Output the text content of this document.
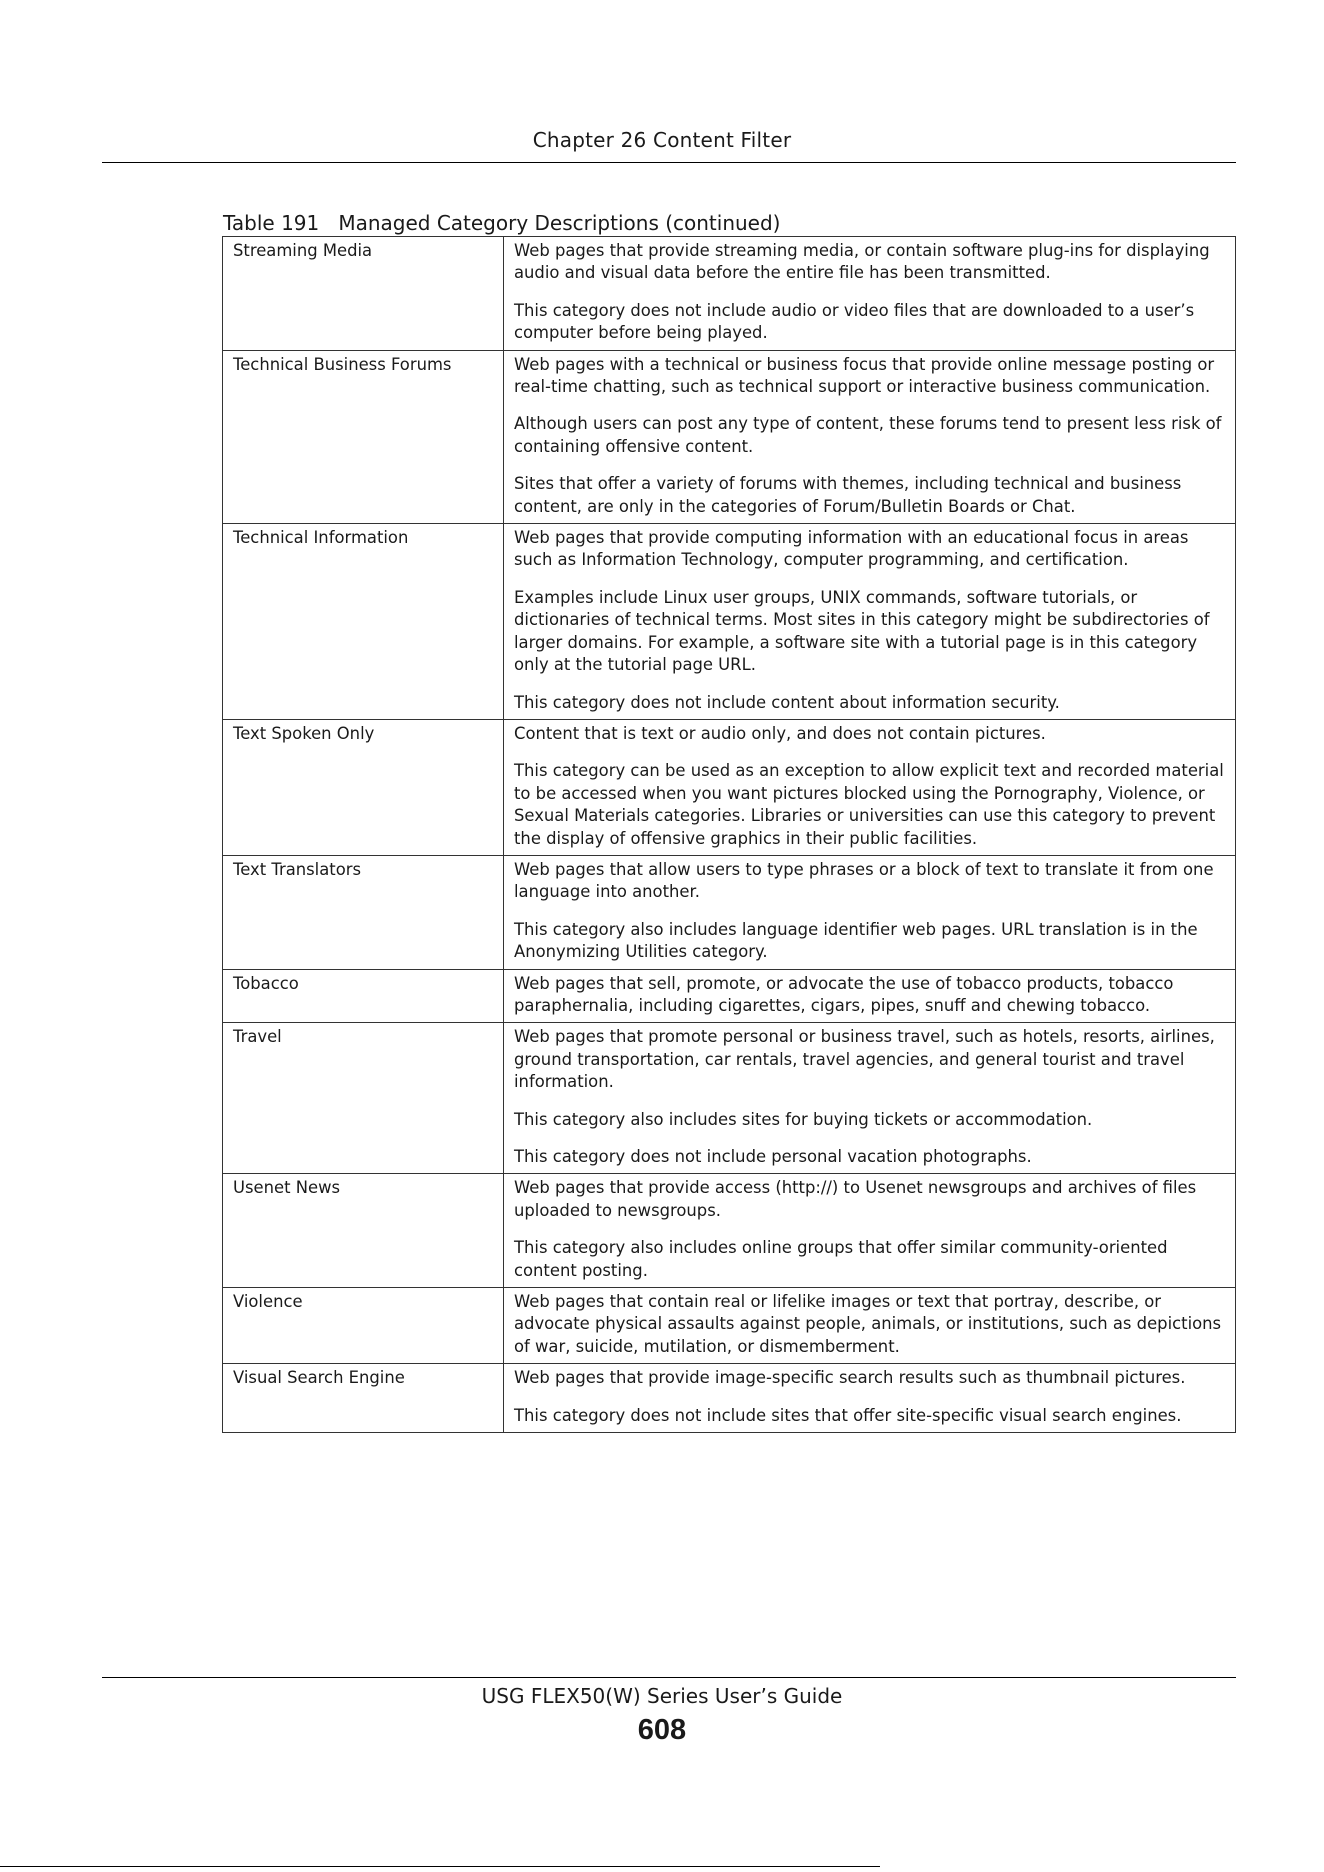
Chapter 26 Content Filter
Table 191   Managed Category Descriptions (continued)
Streaming Media	Web pages that provide streaming media, or contain software plug-ins for displaying audio and visual data before the entire file has been transmitted.

This category does not include audio or video files that are downloaded to a user’s computer before being played.

Technical Business Forums	Web pages with a technical or business focus that provide online message posting or real-time chatting, such as technical support or interactive business communication.

Although users can post any type of content, these forums tend to present less risk of containing offensive content.

Sites that offer a variety of forums with themes, including technical and business content, are only in the categories of Forum/Bulletin Boards or Chat.

Technical Information	Web pages that provide computing information with an educational focus in areas such as Information Technology, computer programming, and certification.

Examples include Linux user groups, UNIX commands, software tutorials, or dictionaries of technical terms. Most sites in this category might be subdirectories of larger domains. For example, a software site with a tutorial page is in this category only at the tutorial page URL.

This category does not include content about information security.

Text Spoken Only	Content that is text or audio only, and does not contain pictures.

This category can be used as an exception to allow explicit text and recorded material to be accessed when you want pictures blocked using the Pornography, Violence, or Sexual Materials categories. Libraries or universities can use this category to prevent the display of offensive graphics in their public facilities.

Text Translators	Web pages that allow users to type phrases or a block of text to translate it from one language into another.

This category also includes language identifier web pages. URL translation is in the Anonymizing Utilities category.

Tobacco	Web pages that sell, promote, or advocate the use of tobacco products, tobacco paraphernalia, including cigarettes, cigars, pipes, snuff and chewing tobacco.

Travel	Web pages that promote personal or business travel, such as hotels, resorts, airlines, ground transportation, car rentals, travel agencies, and general tourist and travel information.

This category also includes sites for buying tickets or accommodation.

This category does not include personal vacation photographs.

Usenet News	Web pages that provide access (http://) to Usenet newsgroups and archives of files uploaded to newsgroups.

This category also includes online groups that offer similar community-oriented content posting.

Violence	Web pages that contain real or lifelike images or text that portray, describe, or advocate physical assaults against people, animals, or institutions, such as depictions of war, suicide, mutilation, or dismemberment.

Visual Search Engine	Web pages that provide image-specific search results such as thumbnail pictures.

This category does not include sites that offer site-specific visual search engines.

USG FLEX50(W) Series User’s Guide
608
